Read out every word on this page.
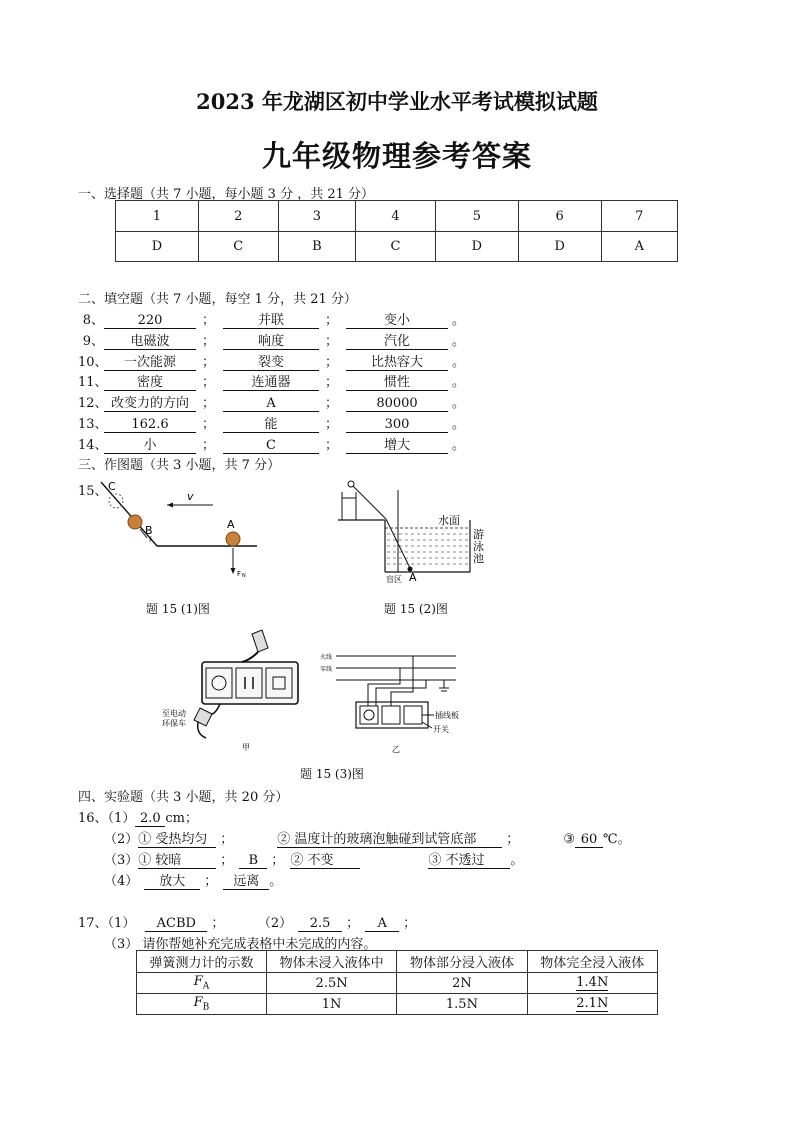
2023 年龙湖区初中学业水平考试模拟试题
九年级物理参考答案
一、选择题（共 7 小题，每小题 3 分 ，共 21 分）
1	2	3	4	5	6	7
D	C	B	C	D	D	A
二、填空题（共 7 小题，每空 1 分，共 21 分）
8、	220	；	并联	；	变小	。
9、 电磁波	；	响度	；	汽化	。
10、 一次能源 ；	裂变	；	比热容大 。
11、 密度	；	连通器	；	惯性	。
12、 改变力的方向 ；	A	；	80000	。
13、 162.6	；	能	；	300	。
14、	小	；	C	；	增大	。
三、作图题（共 3 小题，共 7 分）
15、 C
B	A
v
f
F N
题 15 (1)图
水面
游
泳
池
盲区 A
题 15 (2)图
至电动
环保车
甲
火线
零线
插线板
开关
乙
题 15 (3)图
四、实验题（共 3 小题，共 20 分）
16、（1） 2.0 cm；
（2）① 受热均匀 ；	② 温度计的玻璃泡触碰到试管底部 ；	③ 60 ℃。
（3）① 较暗	； B ； ② 不变	③ 不透过 。
（4） 放大 ； 远离 。
17、（1） ACBD ；	（2） 2.5 ； A ；
（3） 请你帮她补充完成表格中未完成的内容。
弹簧测力计的示数	物体未浸入液体中	物体部分浸入液体	物体完全浸入液体
$F_A$	2.5N	2N	1.4N
$F_B$	1N	1.5N	2.1N
